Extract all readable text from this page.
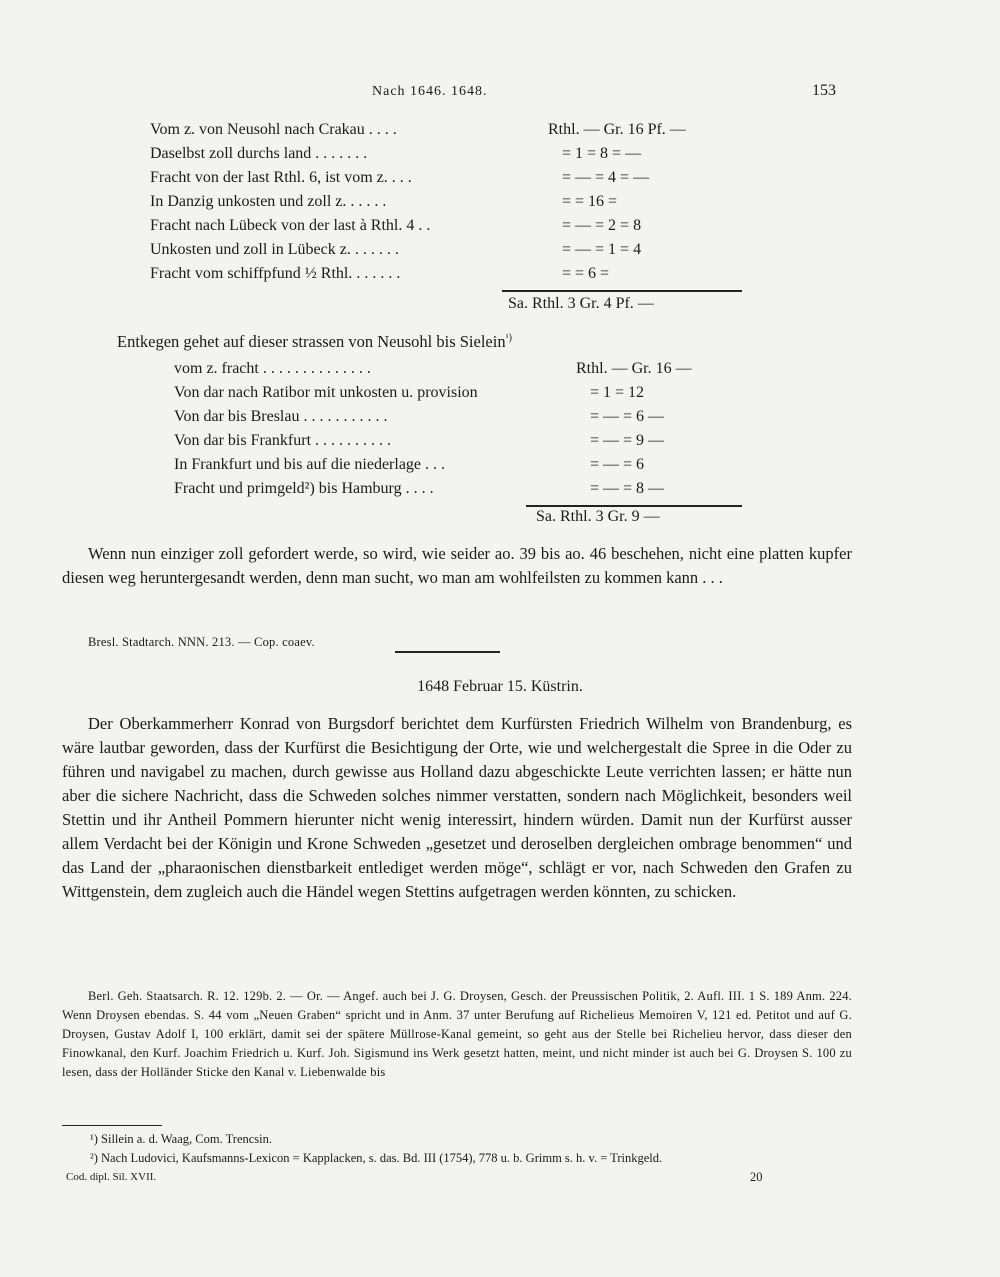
Nach 1646. 1648.	153
Vom z. von Neusohl nach Crakau . . . .	Rthl. — Gr. 16 Pf. —
Daselbst zoll durchs land . . . . . . .	= 1 = 8 = —
Fracht von der last Rthl. 6, ist vom z. . . .	= — = 4 = —
In Danzig unkosten und zoll z. . . . . .	= = 16 =
Fracht nach Lübeck von der last à Rthl. 4 . .	= — = 2 = 8
Unkosten und zoll in Lübeck z. . . . . . .	= — = 1 = 4
Fracht vom schiffpfund ½ Rthl. . . . . . .	= = 6 =
Sa. Rthl. 3 Gr. 4 Pf. —

Entkegen gehet auf dieser strassen von Neusohl bis Sielein$^{^1)}$

vom z. fracht . . . . . . . . . . . . . .	Rthl. — Gr. 16 —
Von dar nach Ratibor mit unkosten u. provision	= 1 = 12
Von dar bis Breslau . . . . . . . . . . .	= — = 6 —
Von dar bis Frankfurt . . . . . . . . . .	= — = 9 —
In Frankfurt und bis auf die niederlage . . .	= — = 6
Fracht und primgeld²) bis Hamburg . . . .	= — = 8 —
Sa. Rthl. 3 Gr. 9 —

Wenn nun einziger zoll gefordert werde, so wird, wie seider ao. 39 bis ao. 46 beschehen, nicht eine platten kupfer diesen weg heruntergesandt werden, denn man sucht, wo man am wohlfeilsten zu kommen kann . . .

Bresl. Stadtarch. NNN. 213. — Cop. coaev.
1648 Februar 15. Küstrin.

Der Oberkammerherr Konrad von Burgsdorf berichtet dem Kurfürsten Friedrich Wilhelm von Brandenburg, es wäre lautbar geworden, dass der Kurfürst die Besichtigung der Orte, wie und welchergestalt die Spree in die Oder zu führen und navigabel zu machen, durch gewisse aus Holland dazu abgeschickte Leute verrichten lassen; er hätte nun aber die sichere Nachricht, dass die Schweden solches nimmer verstatten, sondern nach Möglichkeit, besonders weil Stettin und ihr Antheil Pommern hierunter nicht wenig interessirt, hindern würden. Damit nun der Kurfürst ausser allem Verdacht bei der Königin und Krone Schweden „gesetzet und deroselben dergleichen ombrage benommen“ und das Land der „pharaonischen dienstbarkeit entlediget werden möge“, schlägt er vor, nach Schweden den Grafen zu Wittgenstein, dem zugleich auch die Händel wegen Stettins aufgetragen werden könnten, zu schicken.

Berl. Geh. Staatsarch. R. 12. 129b. 2. — Or. — Angef. auch bei J. G. Droysen, Gesch. der Preussischen Politik, 2. Aufl. III. 1 S. 189 Anm. 224. Wenn Droysen ebendas. S. 44 vom „Neuen Graben“ spricht und in Anm. 37 unter Berufung auf Richelieus Memoiren V, 121 ed. Petitot und auf G. Droysen, Gustav Adolf I, 100 erklärt, damit sei der spätere Müllrose-Kanal gemeint, so geht aus der Stelle bei Richelieu hervor, dass dieser den Finowkanal, den Kurf. Joachim Friedrich u. Kurf. Joh. Sigismund ins Werk gesetzt hatten, meint, und nicht minder ist auch bei G. Droysen S. 100 zu lesen, dass der Holländer Sticke den Kanal v. Liebenwalde bis
¹) Sillein a. d. Waag, Com. Trencsin.
²) Nach Ludovici, Kaufsmanns-Lexicon = Kapplacken, s. das. Bd. III (1754), 778 u. b. Grimm s. h. v. = Trinkgeld.
Cod. dipl. Sil. XVII.	20
